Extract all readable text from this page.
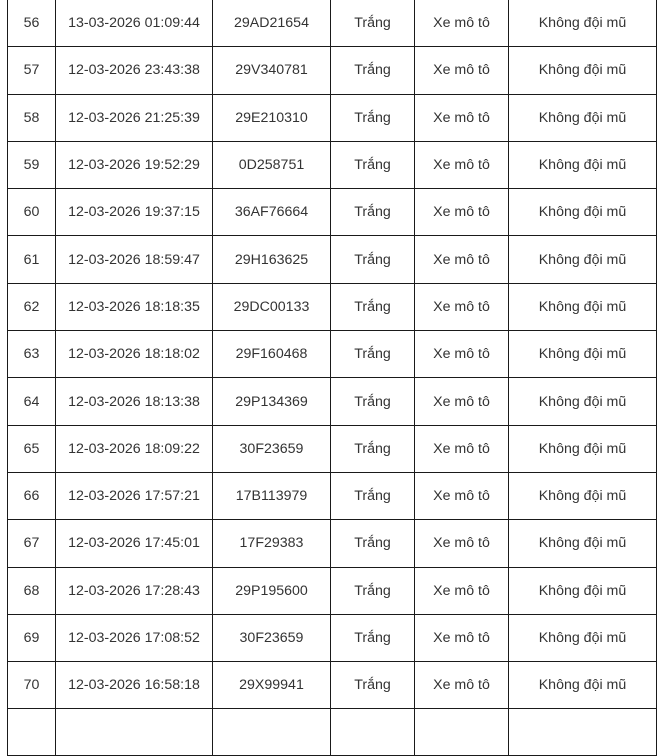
56	13-03-2026 01:09:44	29AD21654	Trắng	Xe mô tô	Không đội mũ
57	12-03-2026 23:43:38	29V340781	Trắng	Xe mô tô	Không đội mũ
58	12-03-2026 21:25:39	29E210310	Trắng	Xe mô tô	Không đội mũ
59	12-03-2026 19:52:29	0D258751	Trắng	Xe mô tô	Không đội mũ
60	12-03-2026 19:37:15	36AF76664	Trắng	Xe mô tô	Không đội mũ
61	12-03-2026 18:59:47	29H163625	Trắng	Xe mô tô	Không đội mũ
62	12-03-2026 18:18:35	29DC00133	Trắng	Xe mô tô	Không đội mũ
63	12-03-2026 18:18:02	29F160468	Trắng	Xe mô tô	Không đội mũ
64	12-03-2026 18:13:38	29P134369	Trắng	Xe mô tô	Không đội mũ
65	12-03-2026 18:09:22	30F23659	Trắng	Xe mô tô	Không đội mũ
66	12-03-2026 17:57:21	17B113979	Trắng	Xe mô tô	Không đội mũ
67	12-03-2026 17:45:01	17F29383	Trắng	Xe mô tô	Không đội mũ
68	12-03-2026 17:28:43	29P195600	Trắng	Xe mô tô	Không đội mũ
69	12-03-2026 17:08:52	30F23659	Trắng	Xe mô tô	Không đội mũ
70	12-03-2026 16:58:18	29X99941	Trắng	Xe mô tô	Không đội mũ
